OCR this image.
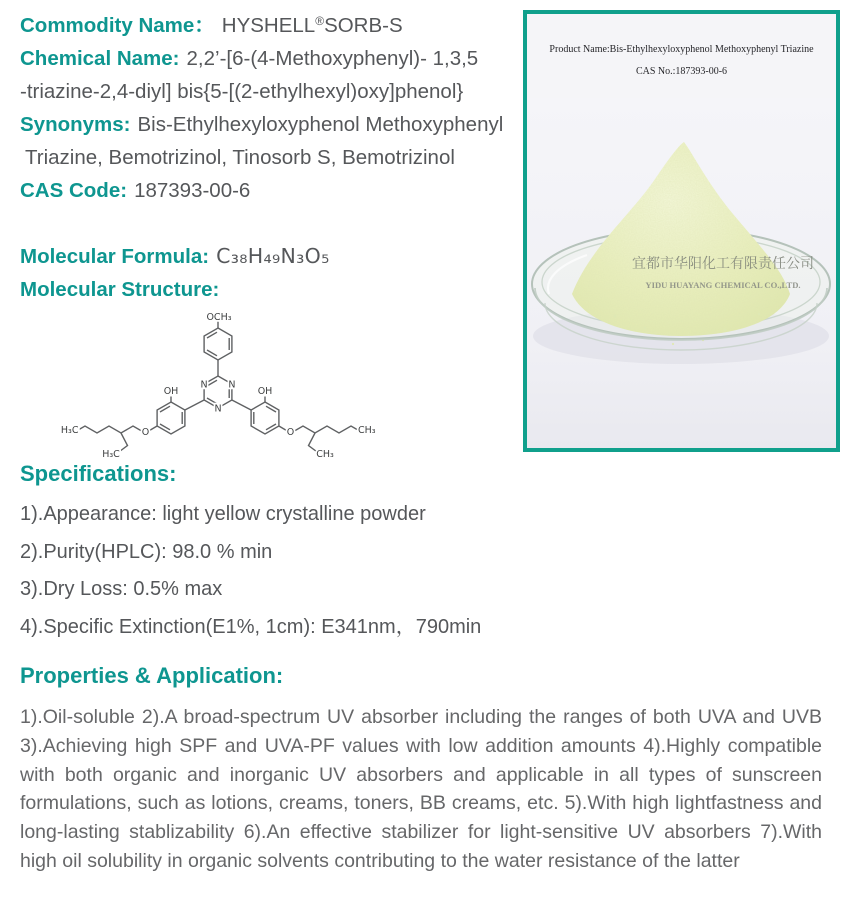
Commodity Name： HYSHELL®SORB-S
Chemical Name: 2,2’-[6-(4-Methoxyphenyl)- 1,3,5
-triazine-2,4-diyl] bis{5-[(2-ethylhexyl)oxy]phenol}
Synonyms: Bis-Ethylhexyloxyphenol Methoxyphenyl
Triazine, Bemotrizinol, Tinosorb S, Bemotrizinol
CAS Code: 187393-00-6
Molecular Formula: C₃₈H₄₉N₃O₅
Molecular Structure:
OCH₃
N N
N
OH	OH
O	O
H₃C
H₃C
CH₃
CH₃
Product Name:Bis-Ethylhexyloxyphenol Methoxyphenyl Triazine
CAS No.:187393-00-6
宜都市华阳化工有限责任公司
YIDU HUAYANG CHEMICAL CO.,LTD.
Specifications:
1).Appearance: light yellow crystalline powder
2).Purity(HPLC): 98.0 % min
3).Dry Loss: 0.5% max
4).Specific Extinction(E1%, 1cm): E341nm，790min
Properties & Application:
1).Oil-soluble 2).A broad-spectrum UV absorber including the ranges of both UVA and UVB 3).Achieving high SPF and UVA-PF values with low addition amounts 4).Highly compatible with both organic and inorganic UV absorbers and applicable in all types of sunscreen formulations, such as lotions, creams, toners, BB creams, etc. 5).With high lightfastness and long-lasting stablizability 6).An effective stabilizer for light-sensitive UV absorbers 7).With high oil solubility in organic solvents contributing to the water resistance of the latter
